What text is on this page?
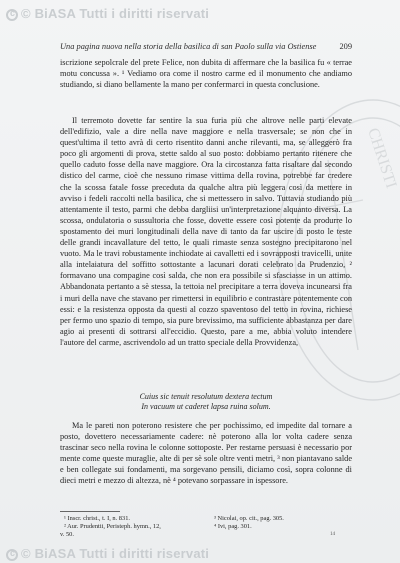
c© BiASA Tutti i diritti riservati
CHRISTI
Una pagina nuova nella storia della basilica di san Paolo sulla via Ostiense	209

iscrizione sepolcrale del prete Felice, non dubita di affermare che la basilica fu « terrae motu concussa ». ¹ Vediamo ora come il nostro carme ed il monumento che andiamo studiando, si diano bellamente la mano per confermarci in questa conclusione.

Il terremoto dovette far sentire la sua furia più che altrove nelle parti elevate dell'edifizio, vale a dire nella nave maggiore e nella trasversale; se non che in quest'ultima il tetto avrà di certo risentito danni anche rilevanti, ma, se alleggerò fra poco gli argomenti di prova, stette saldo al suo posto: dobbiamo pertanto ritenere che quello caduto fosse della nave maggiore. Ora la circostanza fatta risaltare dal secondo distico del carme, cioè che nessuno rimase vittima della rovina, potrebbe far credere che la scossa fatale fosse preceduta da qualche altra più leggera così da mettere in avviso i fedeli raccolti nella basilica, che si mettessero in salvo. Tuttavia studiando più attentamente il testo, parmi che debba dargliisi un'interpretazione alquanto diversa. La scossa, ondulatoria o sussultoria che fosse, dovette essere così potente da produrre lo spostamento dei muri longitudinali della nave di tanto da far uscire di posto le teste delle grandi incavallature del tetto, le quali rimaste senza sostegno precipitarono nel vuoto. Ma le travi robustamente inchiodate ai cavalletti ed i sovrapposti travicelli, unite alla intelaiatura del soffitto sottostante a lacunari dorati celebrato da Prudenzio, ² formavano una compagine così salda, che non era possibile si sfasciasse in un attimo. Abbandonata pertanto a sè stessa, la tettoia nel precipitare a terra doveva incunearsi fra i muri della nave che stavano per rimettersi in equilibrio e contrastare potentemente con essi: e la resistenza opposta da questi al cozzo spaventoso del tetto in rovina, richiese per fermo uno spazio di tempo, sia pure brevissimo, ma sufficiente abbastanza per dare agio ai presenti di sottrarsi all'eccidio. Questo, pare a me, abbia voluto intendere l'autore del carme, ascrivendolo ad un tratto speciale della Provvidenza,

Cuius sic tenuit resolutum dextera tectum
In vacuum ut caderet lapsa ruina solum.

Ma le pareti non poterono resistere che per pochissimo, ed impedite dal tornare a posto, dovettero necessariamente cadere: nè poterono alla lor volta cadere senza trascinar seco nella rovina le colonne sottoposte. Per restarne persuasi è necessario por mente come queste muraglie, alte di per sè sole oltre venti metri, ³ non piantavano salde e ben collegate sui fondamenti, ma sorgevano pensili, diciamo così, sopra colonne di dieci metri e mezzo di altezza, nè ⁴ potevano sorpassare in ispessore.

¹ Inscr. christ., t. I, n. 831.
² Aur. Prudentii, Peristeph. hymn., 12,
v. 50.
³ Nicolai, op. cit., pag. 305.
⁴ Ivi, pag. 301.
14
c© BiASA Tutti i diritti riservati
